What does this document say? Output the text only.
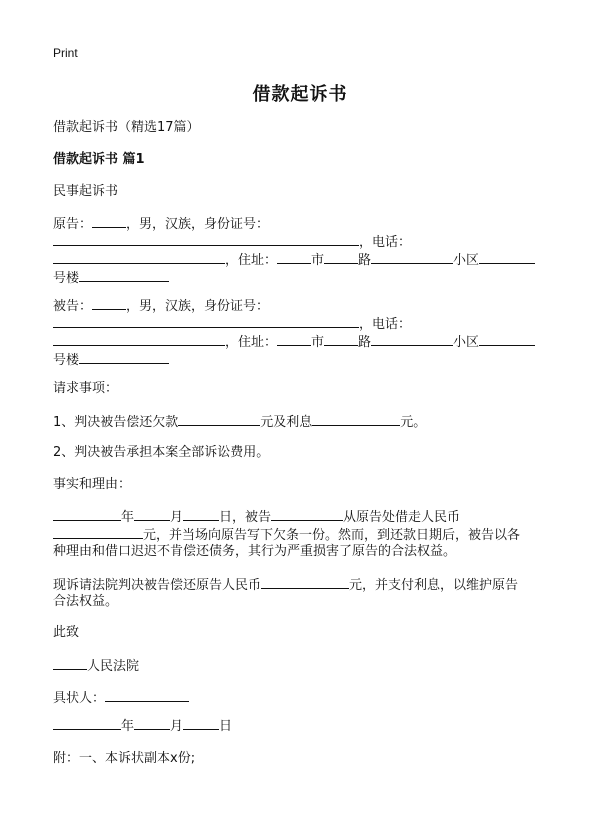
Print
借款起诉书
借款起诉书（精选17篇）
借款起诉书 篇1
民事起诉书
原告：	，男，汉族，身份证号：
，电话：
，住址：	市	路	小区
号楼
被告：	，男，汉族，身份证号：
，电话：
，住址：	市	路	小区
号楼
请求事项：
1、判决被告偿还欠款	元及利息	元。
2、判决被告承担本案全部诉讼费用。
事实和理由：
年	月	日，被告	从原告处借走人民币
元，并当场向原告写下欠条一份。然而，到还款日期后，被告以各
种理由和借口迟迟不肯偿还债务，其行为严重损害了原告的合法权益。
现诉请法院判决被告偿还原告人民币	元，并支付利息，以维护原告
合法权益。
此致
人民法院
具状人：
年	月	日
附：一、本诉状副本x份;
